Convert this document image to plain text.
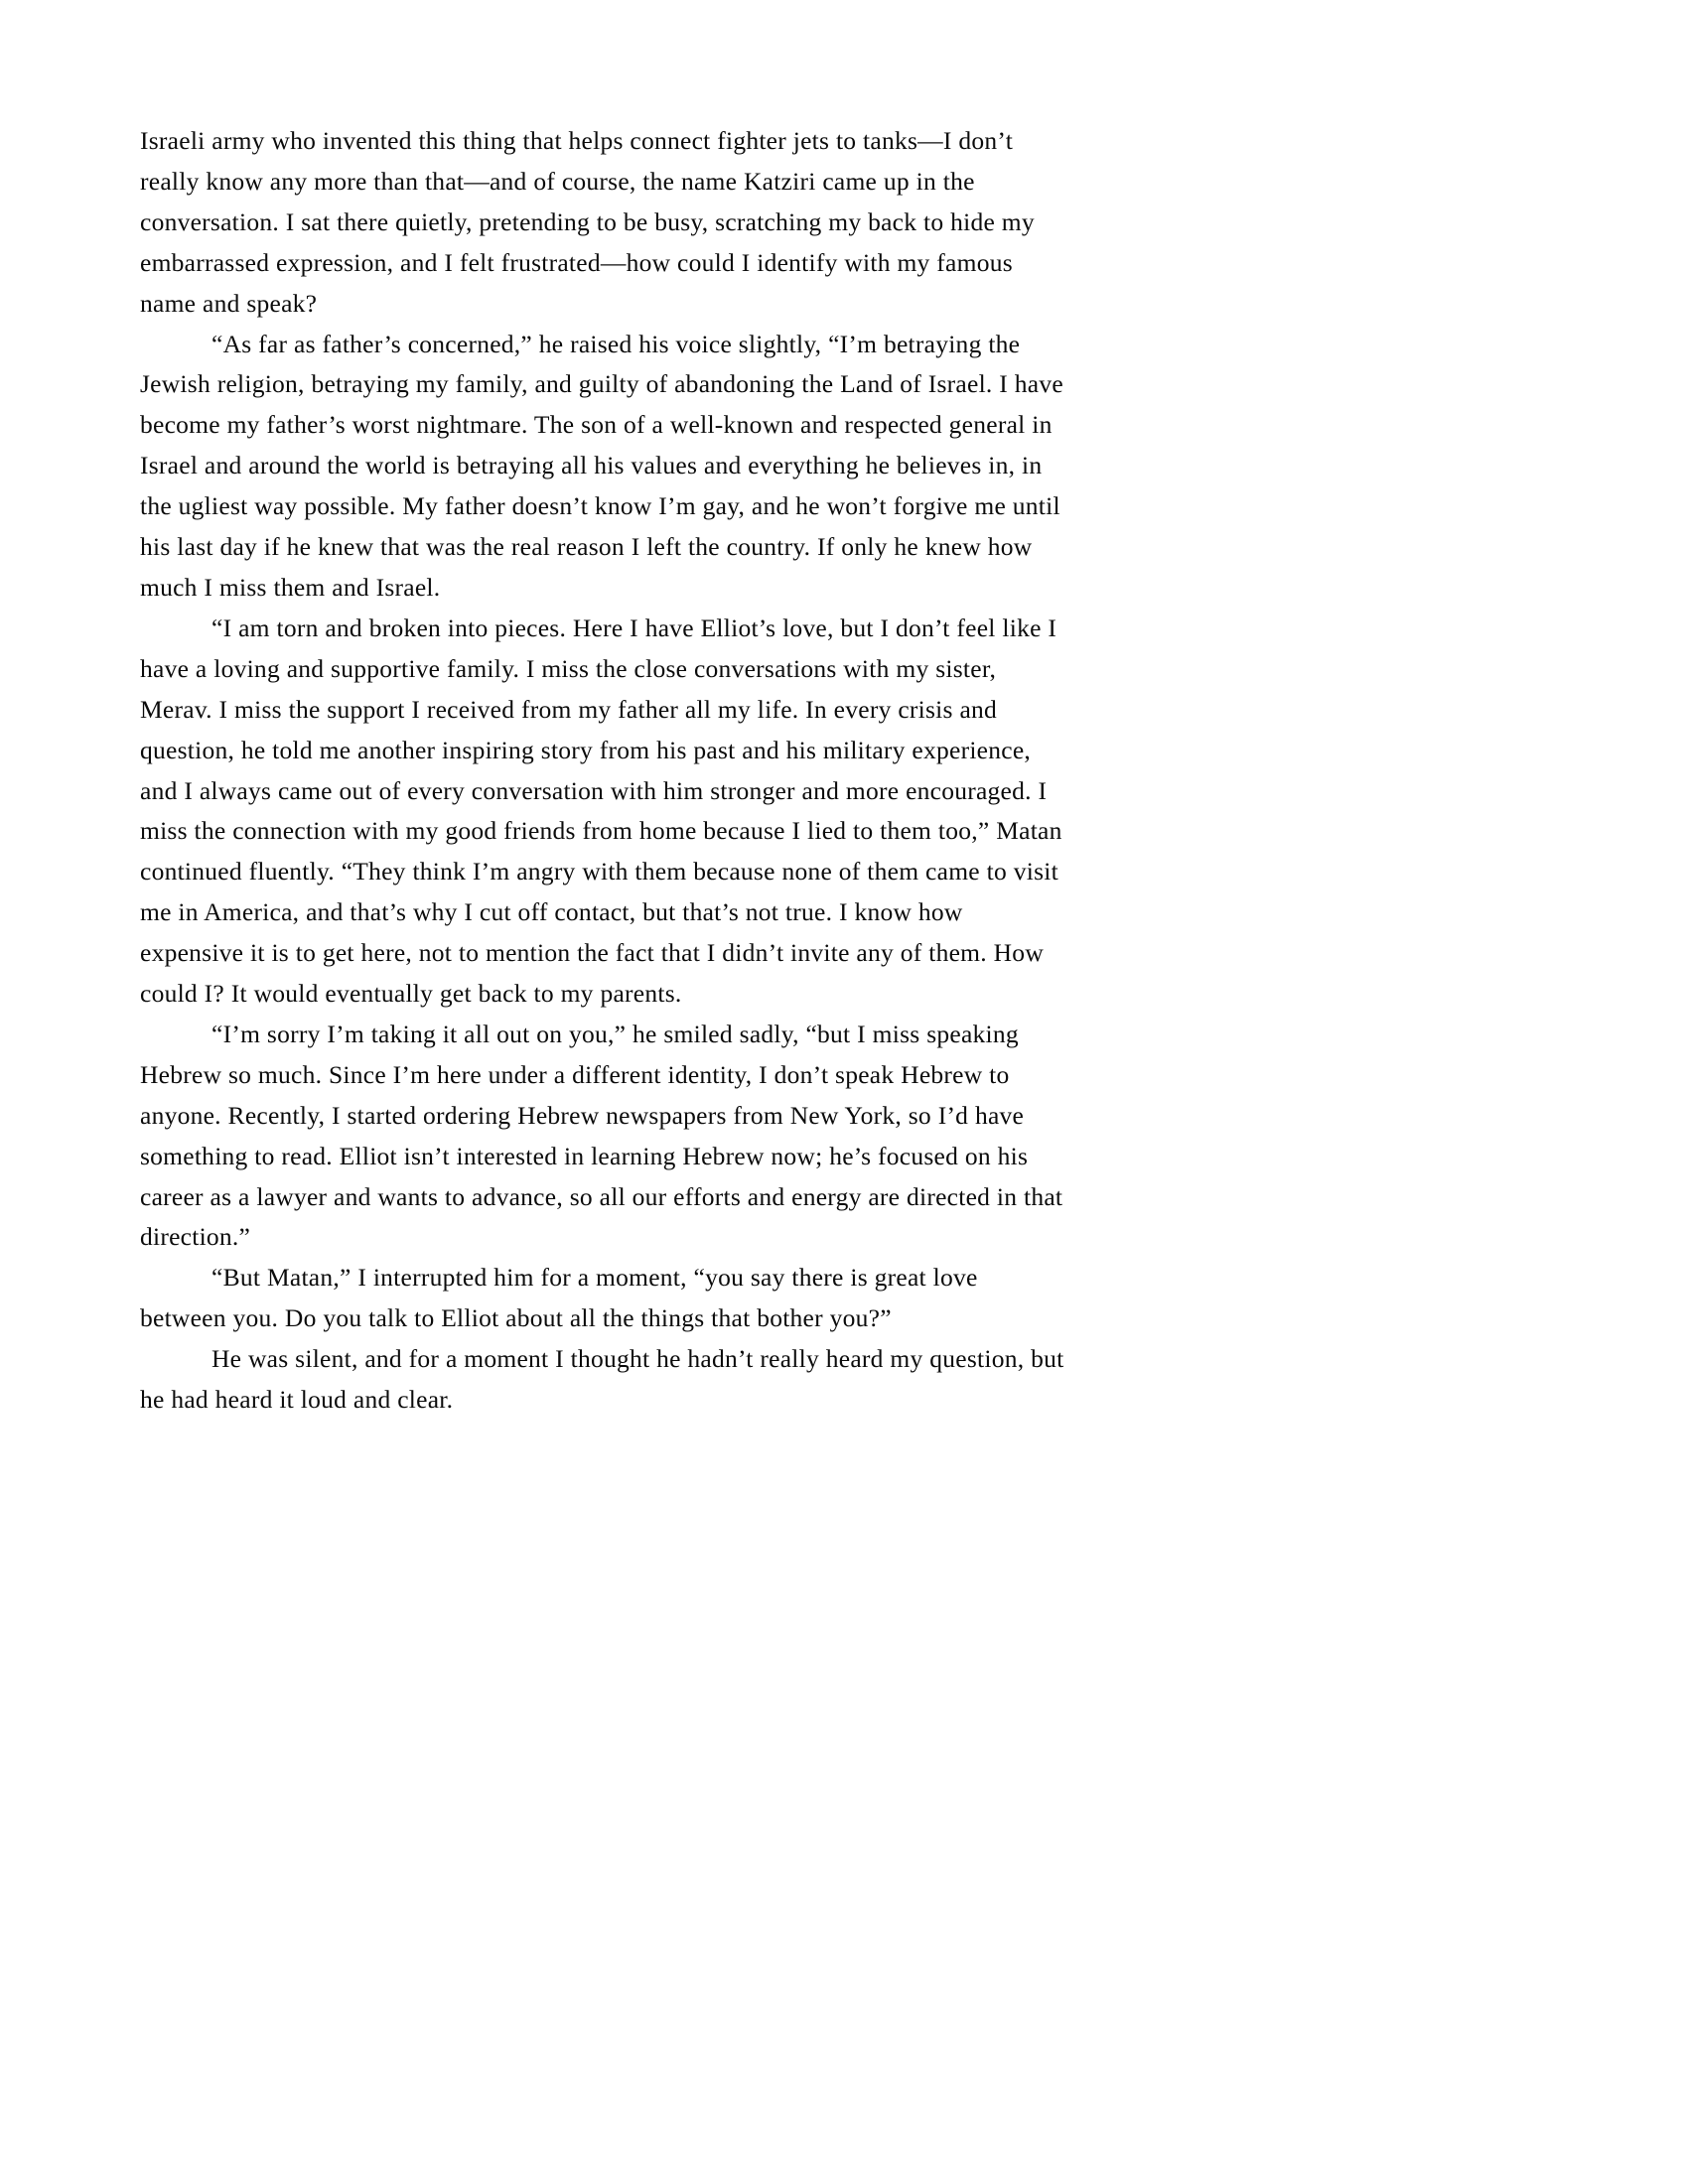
Israeli army who invented this thing that helps connect fighter jets to tanks—I don’t really know any more than that—and of course, the name Katziri came up in the conversation. I sat there quietly, pretending to be busy, scratching my back to hide my embarrassed expression, and I felt frustrated—how could I identify with my famous name and speak?

“As far as father’s concerned,” he raised his voice slightly, “I’m betraying the Jewish religion, betraying my family, and guilty of abandoning the Land of Israel. I have become my father’s worst nightmare. The son of a well-known and respected general in Israel and around the world is betraying all his values and everything he believes in, in the ugliest way possible. My father doesn’t know I’m gay, and he won’t forgive me until his last day if he knew that was the real reason I left the country. If only he knew how much I miss them and Israel.

“I am torn and broken into pieces. Here I have Elliot’s love, but I don’t feel like I have a loving and supportive family. I miss the close conversations with my sister, Merav. I miss the support I received from my father all my life. In every crisis and question, he told me another inspiring story from his past and his military experience, and I always came out of every conversation with him stronger and more encouraged. I miss the connection with my good friends from home because I lied to them too,” Matan continued fluently. “They think I’m angry with them because none of them came to visit me in America, and that’s why I cut off contact, but that’s not true. I know how expensive it is to get here, not to mention the fact that I didn’t invite any of them. How could I? It would eventually get back to my parents.

“I’m sorry I’m taking it all out on you,” he smiled sadly, “but I miss speaking Hebrew so much. Since I’m here under a different identity, I don’t speak Hebrew to anyone. Recently, I started ordering Hebrew newspapers from New York, so I’d have something to read. Elliot isn’t interested in learning Hebrew now; he’s focused on his career as a lawyer and wants to advance, so all our efforts and energy are directed in that direction.”

“But Matan,” I interrupted him for a moment, “you say there is great love between you. Do you talk to Elliot about all the things that bother you?”

He was silent, and for a moment I thought he hadn’t really heard my question, but he had heard it loud and clear.
